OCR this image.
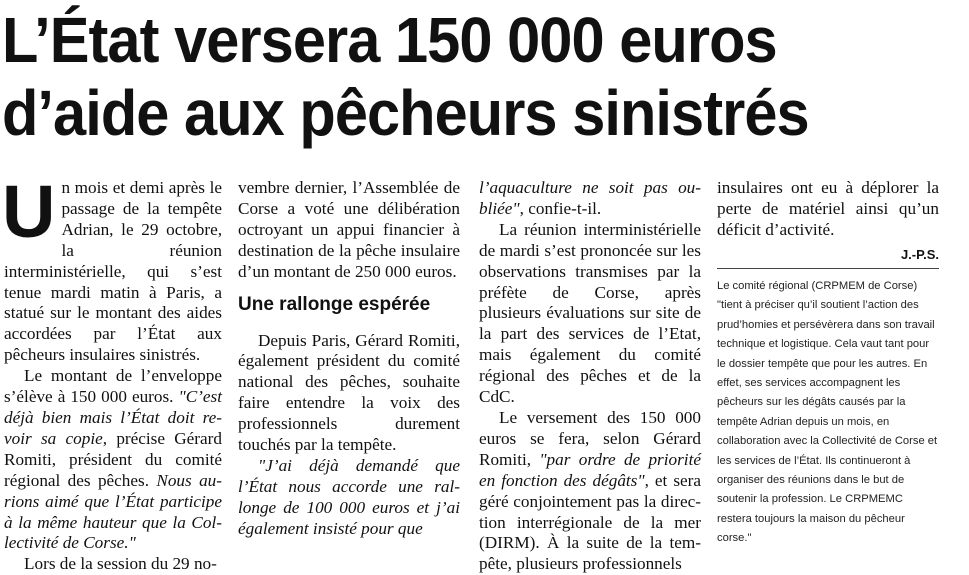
L’État versera 150 000 euros
d’aide aux pêcheurs sinistrés

Un mois et demi après le passage de la tempête Adrian, le 29 octobre, la réunion interministérielle, qui s’est tenue mardi matin à Paris, a statué sur le montant des aides accordées par l’État aux pêcheurs insulaires sinistrés.

Le montant de l’enveloppe s’élève à 150 000 euros. "C’est déjà bien mais l’État doit revoir sa copie, précise Gérard Romiti, président du comité régional des pêches. Nous aurions aimé que l’État participe à la même hauteur que la Collectivité de Corse."

Lors de la session du 29 no-

vembre dernier, l’Assemblée de Corse a voté une délibération octroyant un appui financier à destination de la pêche insulaire d’un montant de 250 000 euros.

Une rallonge espérée

Depuis Paris, Gérard Romiti, également président du comité national des pêches, souhaite faire entendre la voix des professionnels durement touchés par la tempête.

"J’ai déjà demandé que l’État nous accorde une rallonge de 100 000 euros et j’ai également insisté pour que

l’aquaculture ne soit pas oubliée", confie-t-il.

La réunion interministérielle de mardi s’est prononcée sur les observations transmises par la préfète de Corse, après plusieurs évaluations sur site de la part des services de l’Etat, mais également du comité régional des pêches et de la CdC.

Le versement des 150 000 euros se fera, selon Gérard Romiti, "par ordre de priorité en fonction des dégâts", et sera géré conjointement pas la direction interrégionale de la mer (DIRM). À la suite de la tempête, plusieurs professionnels

insulaires ont eu à déplorer la perte de matériel ainsi qu’un déficit d’activité.

J.-P.S.
Le comité régional (CRPMEM de Corse) "tient à préciser qu’il soutient l’action des prud’homies et persévèrera dans son travail technique et logistique. Cela vaut tant pour le dossier tempête que pour les autres. En effet, ses services accompagnent les pêcheurs sur les dégâts causés par la tempête Adrian depuis un mois, en collaboration avec la Collectivité de Corse et les services de l’État. Ils continueront à organiser des réunions dans le but de soutenir la profession. Le CRPMEMC restera toujours la maison du pêcheur corse."
